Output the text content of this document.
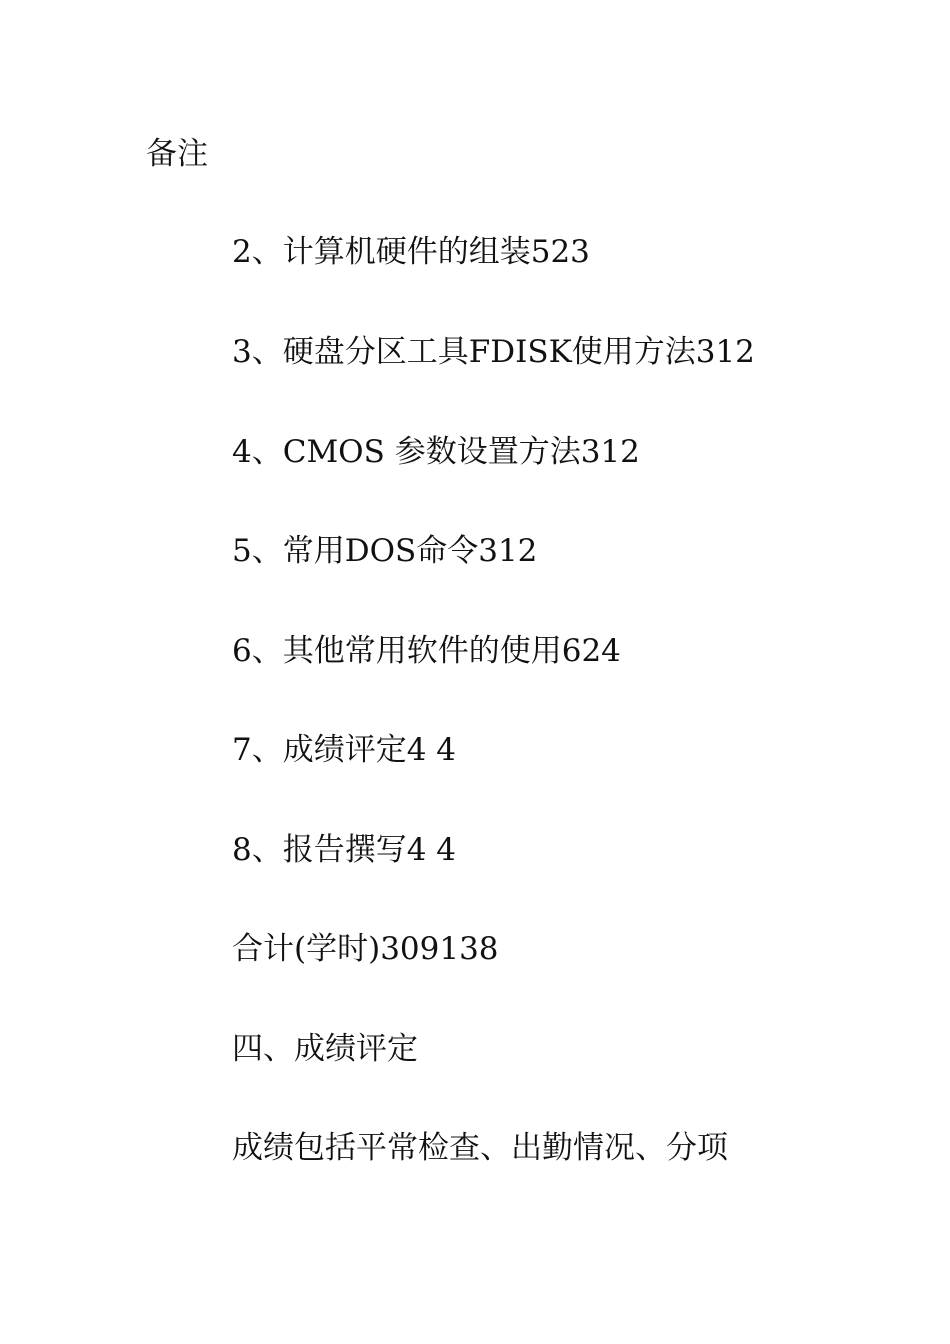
备注

2、计算机硬件的组装523

3、硬盘分区工具FDISK使用方法312

4、CMOS 参数设置方法312

5、常用DOS命令312

6、其他常用软件的使用624

7、成绩评定4 4

8、报告撰写4 4

合计(学时)309138

四、成绩评定

成绩包括平常检查、出勤情况、分项
